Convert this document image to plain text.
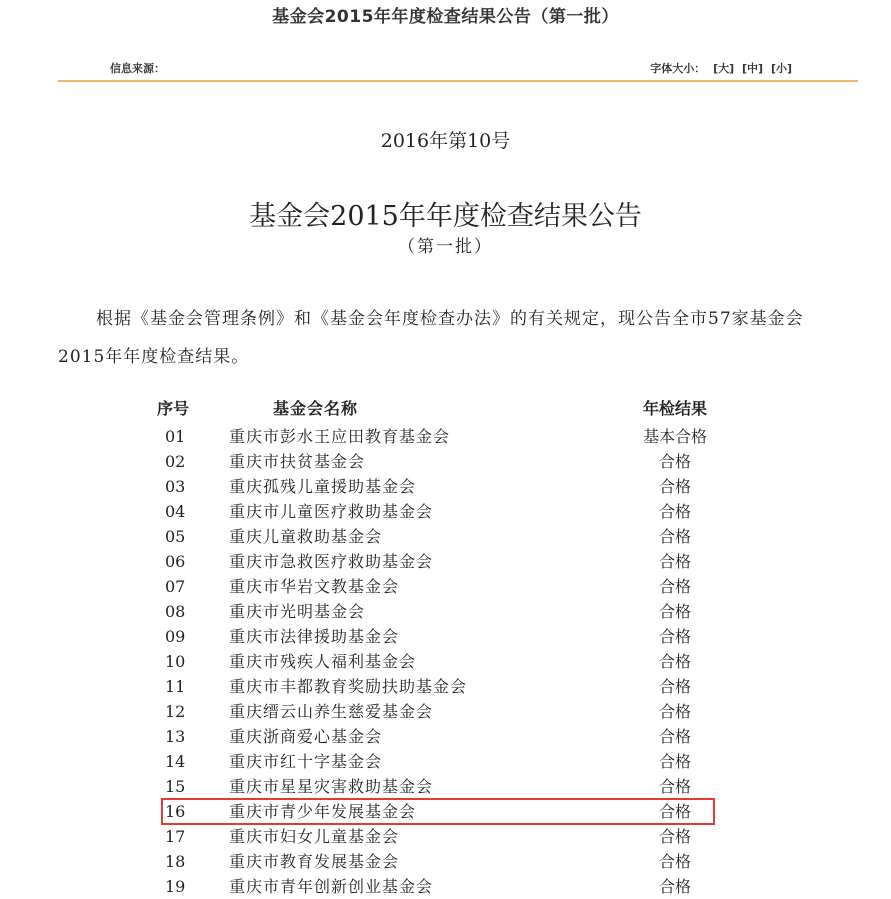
基金会2015年年度检查结果公告（第一批）
信息来源：	字体大小： [大] [中] [小]
2016年第10号
基金会2015年年度检查结果公告
（第一批）
根据《基金会管理条例》和《基金会年度检查办法》的有关规定，现公告全市57家基金会2015年年度检查结果。
序号	基金会名称	年检结果
01	重庆市彭水王应田教育基金会	基本合格
02	重庆市扶贫基金会	合格
03	重庆孤残儿童援助基金会	合格
04	重庆市儿童医疗救助基金会	合格
05	重庆儿童救助基金会	合格
06	重庆市急救医疗救助基金会	合格
07	重庆市华岩文教基金会	合格
08	重庆市光明基金会	合格
09	重庆市法律援助基金会	合格
10	重庆市残疾人福利基金会	合格
11	重庆市丰都教育奖励扶助基金会	合格
12	重庆缙云山养生慈爱基金会	合格
13	重庆浙商爱心基金会	合格
14	重庆市红十字基金会	合格
15	重庆市星星灾害救助基金会	合格
16	重庆市青少年发展基金会	合格
17	重庆市妇女儿童基金会	合格
18	重庆市教育发展基金会	合格
19	重庆市青年创新创业基金会	合格
